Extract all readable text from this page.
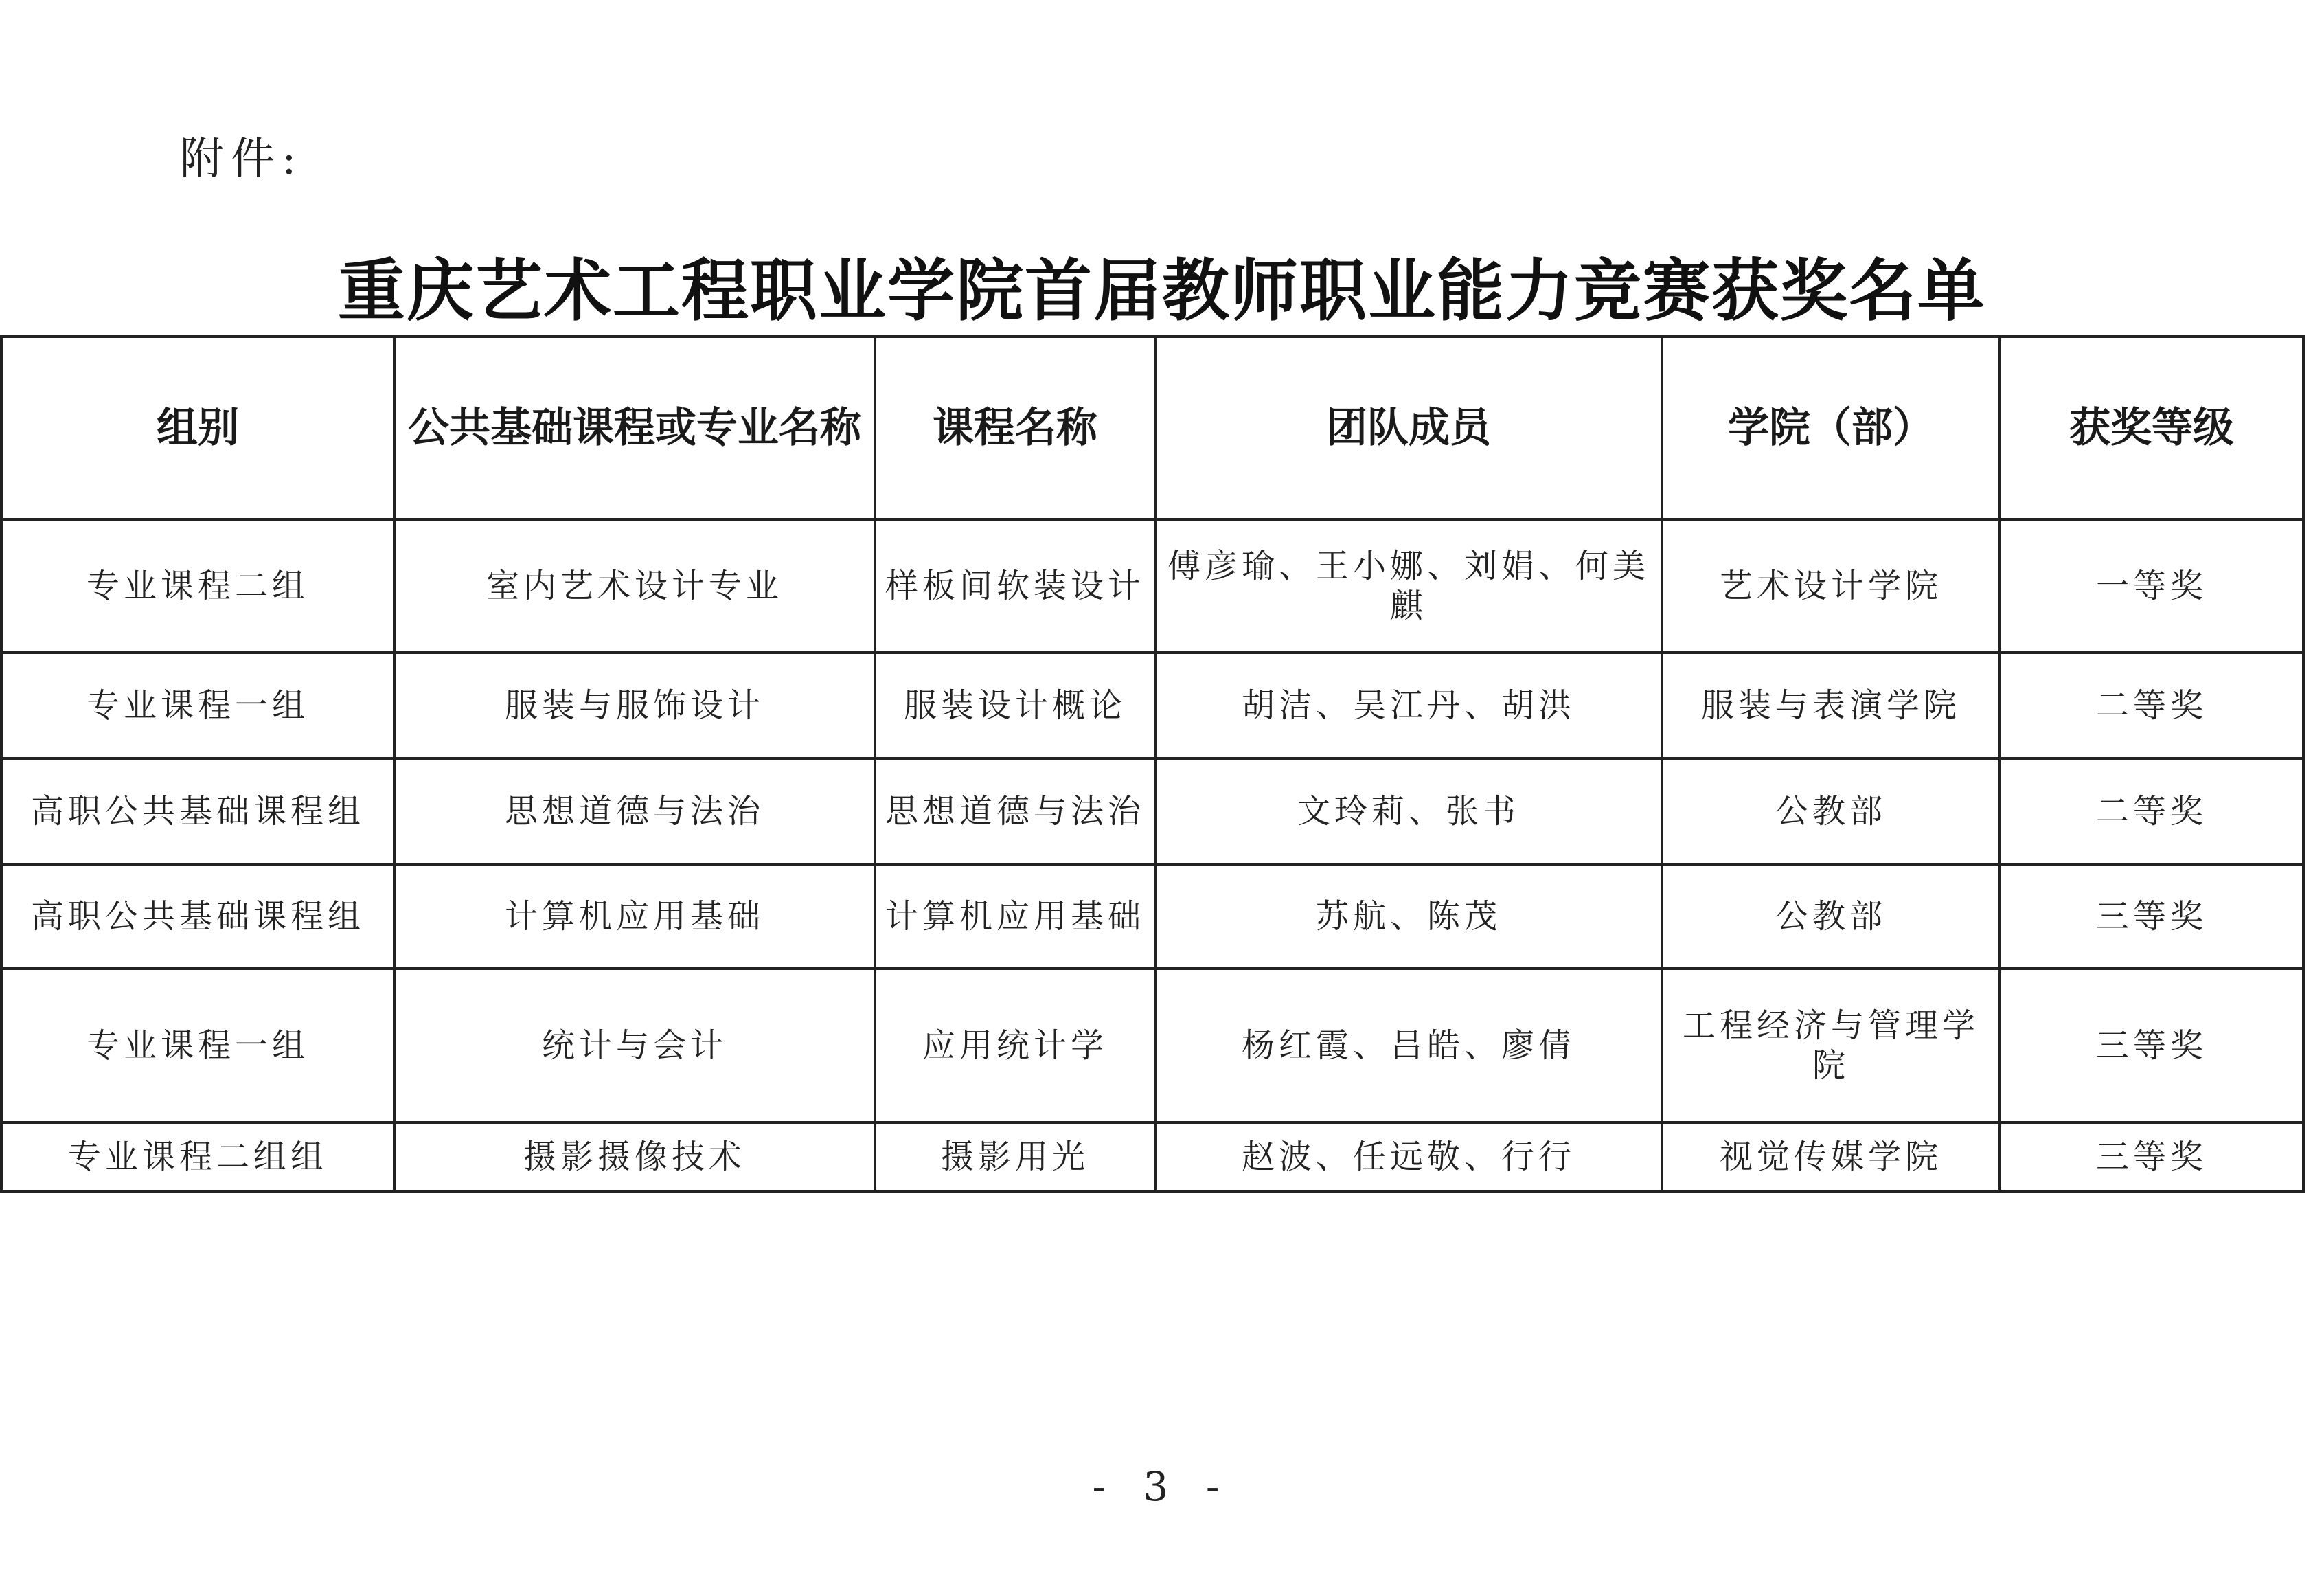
附件:
重庆艺术工程职业学院首届教师职业能力竞赛获奖名单
组别	公共基础课程或专业名称	课程名称	团队成员	学院（部）	获奖等级
专业课程二组	室内艺术设计专业	样板间软装设计	傅彦瑜、王小娜、刘娟、何美麒	艺术设计学院	一等奖
专业课程一组	服装与服饰设计	服装设计概论	胡洁、吴江丹、胡洪	服装与表演学院	二等奖
高职公共基础课程组	思想道德与法治	思想道德与法治	文玲莉、张书	公教部	二等奖
高职公共基础课程组	计算机应用基础	计算机应用基础	苏航、陈茂	公教部	三等奖
专业课程一组	统计与会计	应用统计学	杨红霞、吕皓、廖倩	工程经济与管理学院	三等奖
专业课程二组组	摄影摄像技术	摄影用光	赵波、任远敬、行行	视觉传媒学院	三等奖
- 3 -
